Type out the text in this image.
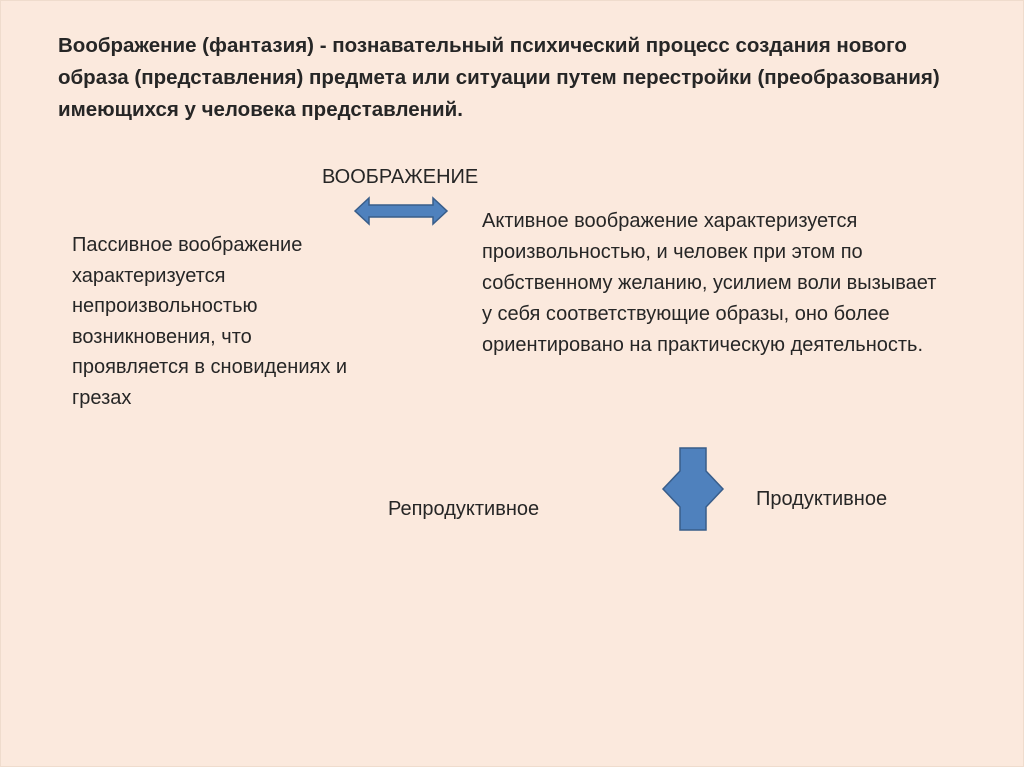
Воображение (фантазия) - познавательный психический процесс создания нового образа (представления) предмета или ситуации путем перестройки (преобразования) имеющихся у человека представлений.
ВООБРАЖЕНИЕ
Пассивное воображение характеризуется непроизвольностью возникновения, что проявляется в сновидениях и грезах
Активное воображение характеризуется произвольностью, и человек при этом по собственному желанию, усилием воли вызывает у себя соответствующие образы, оно более ориентировано на практическую деятельность.
Репродуктивное	Продуктивное
